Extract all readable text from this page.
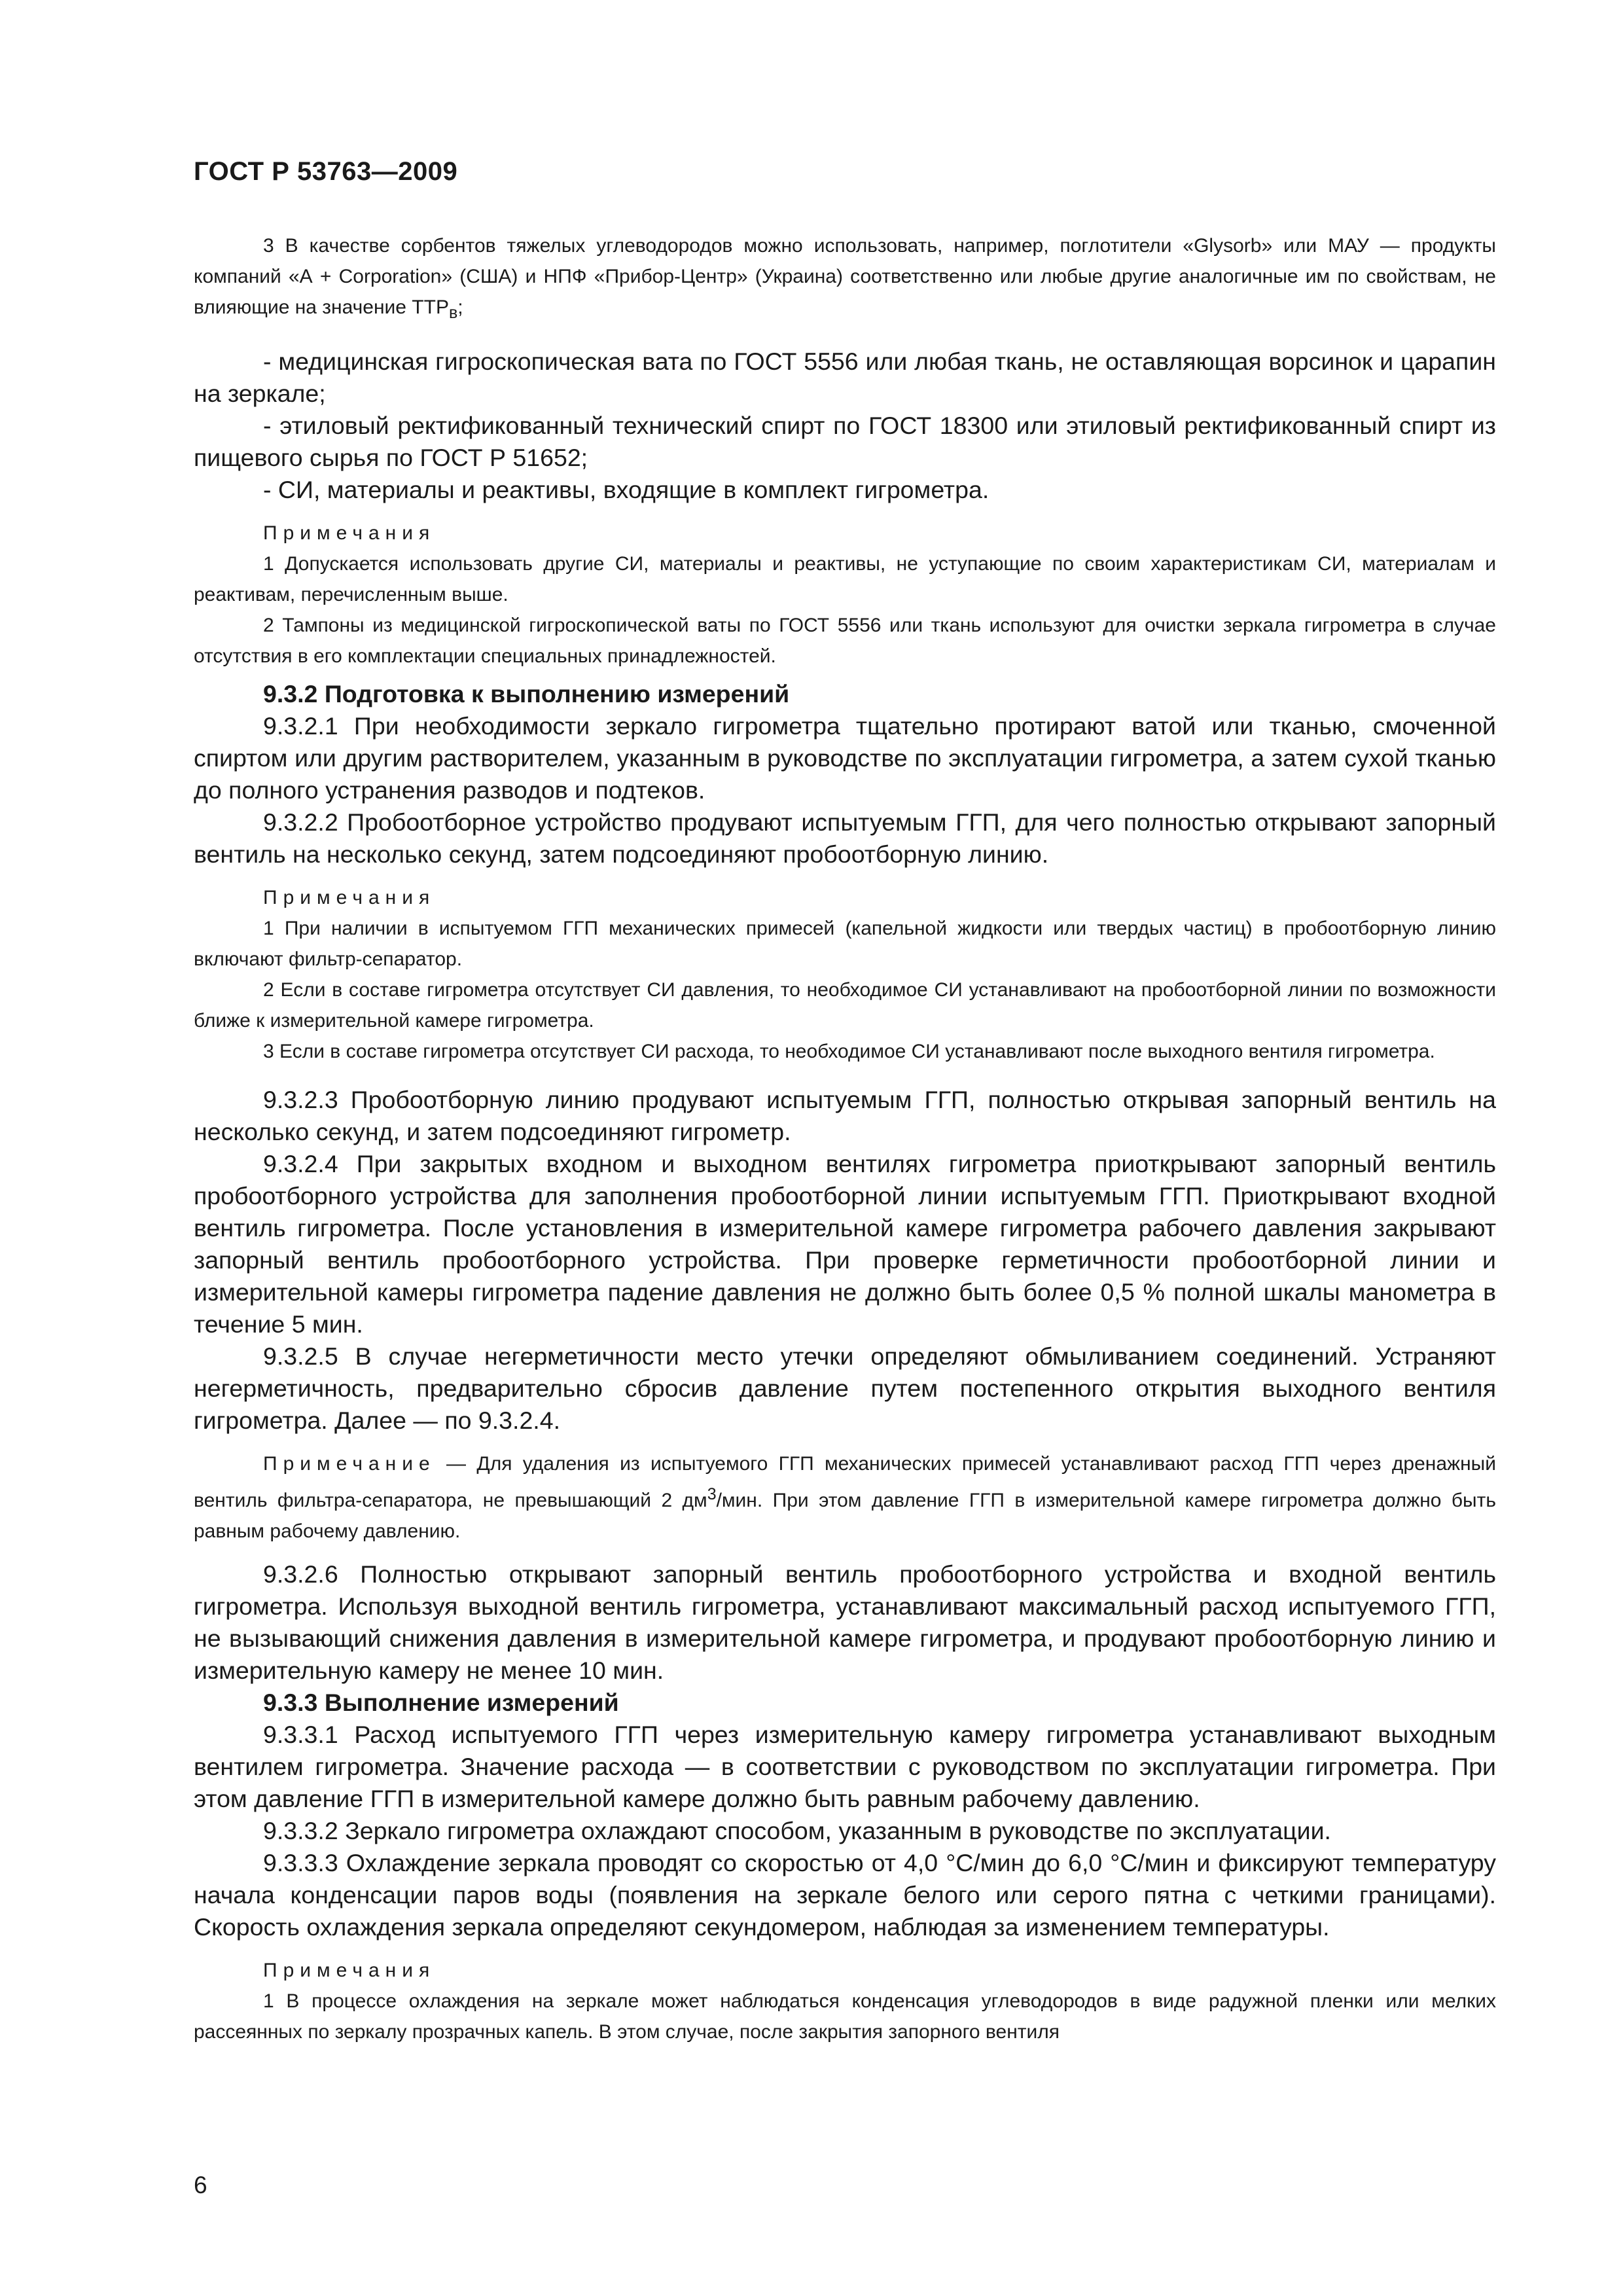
ГОСТ Р 53763—2009

3 В качестве сорбентов тяжелых углеводородов можно использовать, например, поглотители «Glysorb» или МАУ — продукты компаний «А + Corporation» (США) и НПФ «Прибор-Центр» (Украина) соответственно или любые другие аналогичные им по свойствам, не влияющие на значение $ТТР_в$;

- медицинская гигроскопическая вата по ГОСТ 5556 или любая ткань, не оставляющая ворсинок и царапин на зеркале;

- этиловый ректификованный технический спирт по ГОСТ 18300 или этиловый ректификованный спирт из пищевого сырья по ГОСТ Р 51652;

- СИ, материалы и реактивы, входящие в комплект гигрометра.

Примечания

1 Допускается использовать другие СИ, материалы и реактивы, не уступающие по своим характеристикам СИ, материалам и реактивам, перечисленным выше.

2 Тампоны из медицинской гигроскопической ваты по ГОСТ 5556 или ткань используют для очистки зеркала гигрометра в случае отсутствия в его комплектации специальных принадлежностей.

9.3.2 Подготовка к выполнению измерений

9.3.2.1 При необходимости зеркало гигрометра тщательно протирают ватой или тканью, смоченной спиртом или другим растворителем, указанным в руководстве по эксплуатации гигрометра, а затем сухой тканью до полного устранения разводов и подтеков.

9.3.2.2 Пробоотборное устройство продувают испытуемым ГГП, для чего полностью открывают запорный вентиль на несколько секунд, затем подсоединяют пробоотборную линию.

Примечания

1 При наличии в испытуемом ГГП механических примесей (капельной жидкости или твердых частиц) в пробоотборную линию включают фильтр-сепаратор.

2 Если в составе гигрометра отсутствует СИ давления, то необходимое СИ устанавливают на пробоотборной линии по возможности ближе к измерительной камере гигрометра.

3 Если в составе гигрометра отсутствует СИ расхода, то необходимое СИ устанавливают после выходного вентиля гигрометра.

9.3.2.3 Пробоотборную линию продувают испытуемым ГГП, полностью открывая запорный вентиль на несколько секунд, и затем подсоединяют гигрометр.

9.3.2.4 При закрытых входном и выходном вентилях гигрометра приоткрывают запорный вентиль пробоотборного устройства для заполнения пробоотборной линии испытуемым ГГП. Приоткрывают входной вентиль гигрометра. После установления в измерительной камере гигрометра рабочего давления закрывают запорный вентиль пробоотборного устройства. При проверке герметичности пробоотборной линии и измерительной камеры гигрометра падение давления не должно быть более 0,5 % полной шкалы манометра в течение 5 мин.

9.3.2.5 В случае негерметичности место утечки определяют обмыливанием соединений. Устраняют негерметичность, предварительно сбросив давление путем постепенного открытия выходного вентиля гигрометра. Далее — по 9.3.2.4.

Примечание — Для удаления из испытуемого ГГП механических примесей устанавливают расход ГГП через дренажный вентиль фильтра-сепаратора, не превышающий 2 $дм^3$/мин. При этом давление ГГП в измерительной камере гигрометра должно быть равным рабочему давлению.

9.3.2.6 Полностью открывают запорный вентиль пробоотборного устройства и входной вентиль гигрометра. Используя выходной вентиль гигрометра, устанавливают максимальный расход испытуемого ГГП, не вызывающий снижения давления в измерительной камере гигрометра, и продувают пробоотборную линию и измерительную камеру не менее 10 мин.

9.3.3 Выполнение измерений

9.3.3.1 Расход испытуемого ГГП через измерительную камеру гигрометра устанавливают выходным вентилем гигрометра. Значение расхода — в соответствии с руководством по эксплуатации гигрометра. При этом давление ГГП в измерительной камере должно быть равным рабочему давлению.

9.3.3.2 Зеркало гигрометра охлаждают способом, указанным в руководстве по эксплуатации.

9.3.3.3 Охлаждение зеркала проводят со скоростью от 4,0 °С/мин до 6,0 °С/мин и фиксируют температуру начала конденсации паров воды (появления на зеркале белого или серого пятна с четкими границами). Скорость охлаждения зеркала определяют секундомером, наблюдая за изменением температуры.

Примечания

1 В процессе охлаждения на зеркале может наблюдаться конденсация углеводородов в виде радужной пленки или мелких рассеянных по зеркалу прозрачных капель. В этом случае, после закрытия запорного вентиля

6
